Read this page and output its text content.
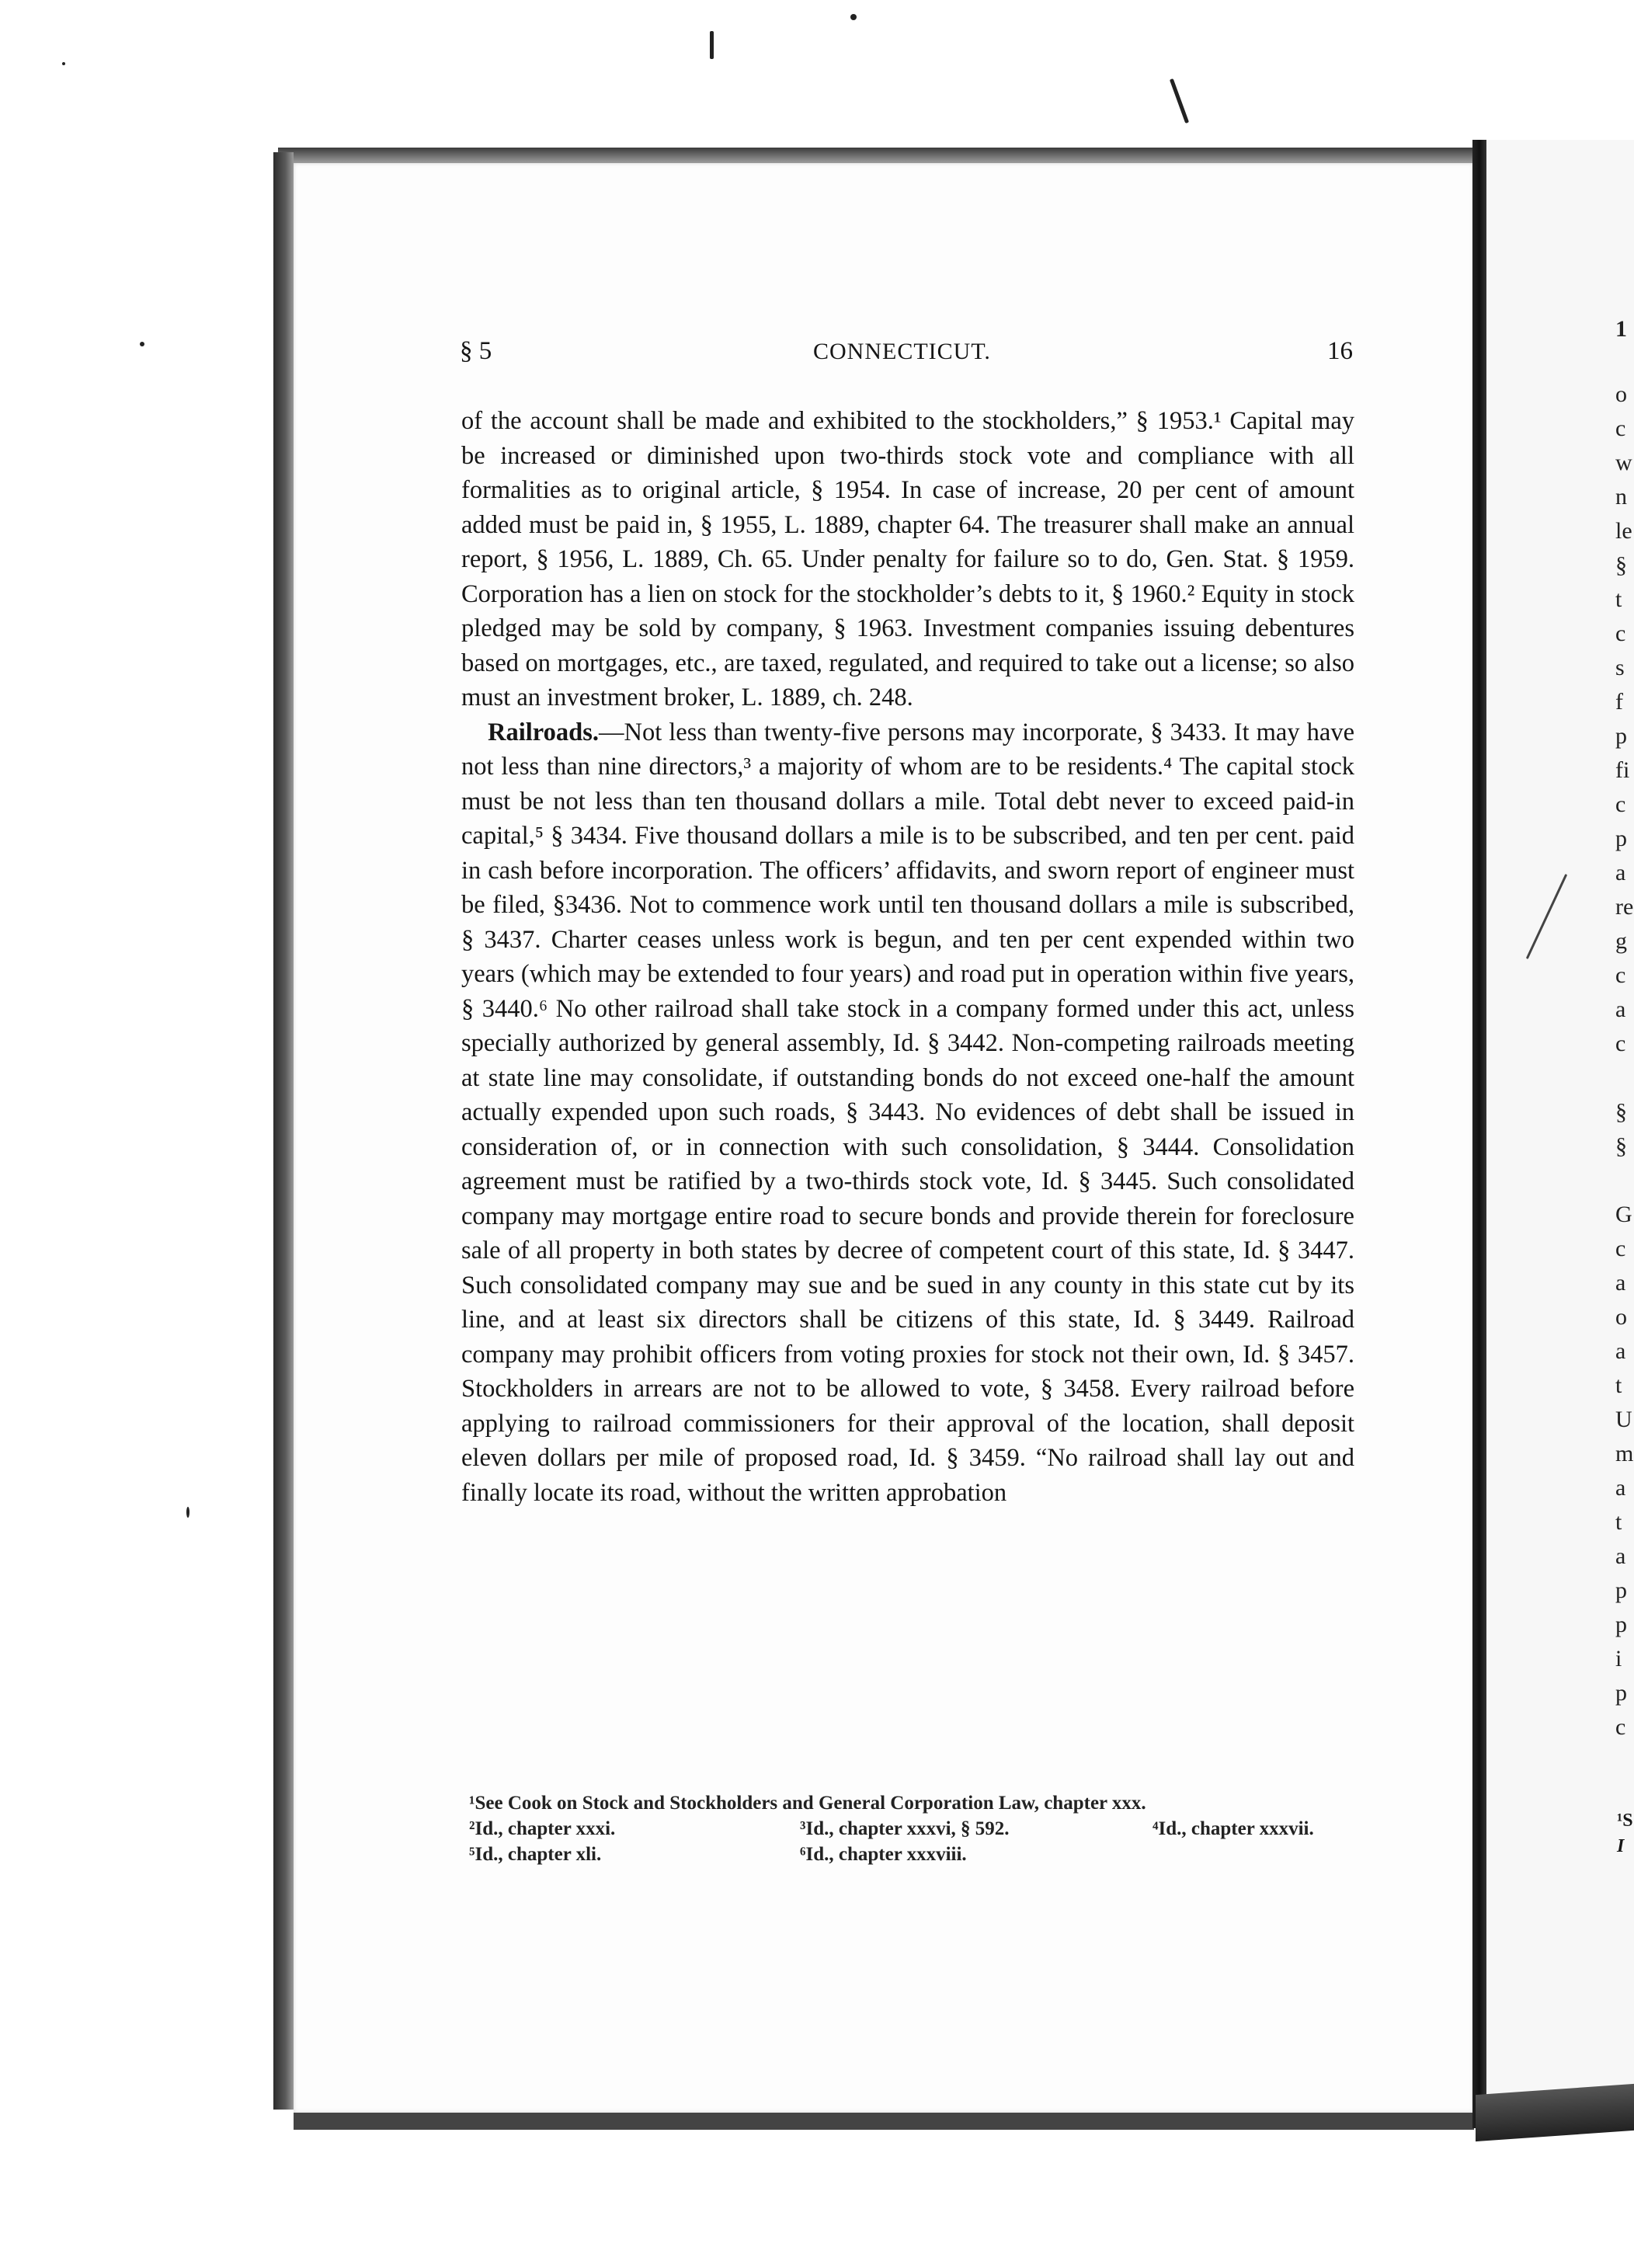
§ 5	CONNECTICUT.	16

of the account shall be made and exhibited to the stockholders,” § 1953.¹ Capital may be increased or diminished upon two-thirds stock vote and compliance with all formalities as to original article, § 1954. In case of increase, 20 per cent of amount added must be paid in, § 1955, L. 1889, chapter 64. The treasurer shall make an annual report, § 1956, L. 1889, Ch. 65. Under penalty for failure so to do, Gen. Stat. § 1959. Corporation has a lien on stock for the stockholder’s debts to it, § 1960.² Equity in stock pledged may be sold by company, § 1963. Investment companies issuing debentures based on mortgages, etc., are taxed, regulated, and required to take out a license; so also must an investment broker, L. 1889, ch. 248.

Railroads.—Not less than twenty-five persons may incorporate, § 3433. It may have not less than nine directors,³ a majority of whom are to be residents.⁴ The capital stock must be not less than ten thousand dollars a mile. Total debt never to exceed paid-in capital,⁵ § 3434. Five thousand dollars a mile is to be subscribed, and ten per cent. paid in cash before incorporation. The officers’ affidavits, and sworn report of engineer must be filed, §3436. Not to commence work until ten thousand dollars a mile is subscribed, § 3437. Charter ceases unless work is begun, and ten per cent expended within two years (which may be extended to four years) and road put in operation within five years, § 3440.⁶ No other railroad shall take stock in a company formed under this act, unless specially authorized by general assembly, Id. § 3442. Non-competing railroads meeting at state line may consolidate, if outstanding bonds do not exceed one-half the amount actually expended upon such roads, § 3443. No evidences of debt shall be issued in consideration of, or in connection with such consolidation, § 3444. Consolidation agreement must be ratified by a two-thirds stock vote, Id. § 3445. Such consolidated company may mortgage entire road to secure bonds and provide therein for foreclosure sale of all property in both states by decree of competent court of this state, Id. § 3447. Such consolidated company may sue and be sued in any county in this state cut by its line, and at least six directors shall be citizens of this state, Id. § 3449. Railroad company may prohibit officers from voting proxies for stock not their own, Id. § 3457. Stockholders in arrears are not to be allowed to vote, § 3458. Every railroad before applying to railroad commissioners for their approval of the location, shall deposit eleven dollars per mile of proposed road, Id. § 3459. “No railroad shall lay out and finally locate its road, without the written approbation

¹See Cook on Stock and Stockholders and General Corporation Law, chapter xxx.
²Id., chapter xxxi.	³Id., chapter xxxvi, § 592.	⁴Id., chapter xxxvii.
⁵Id., chapter xli.	⁶Id., chapter xxxviii.
1
o
c
w
n
le
§
t
c
s
f
p
fi
c
p
a
re
g
c
a
c
§
§
G
c
a
o
a
t
U
m
a
t
a
p
p
i
p
c
¹S
I
